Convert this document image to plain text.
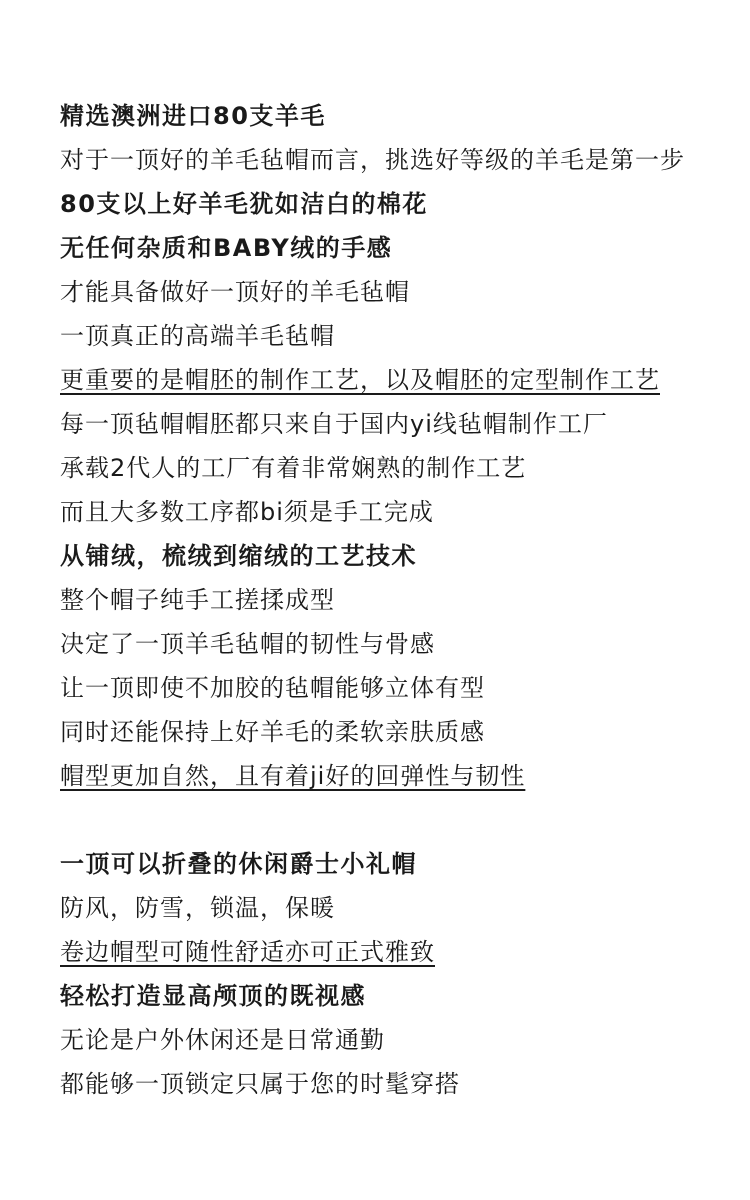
精选澳洲进口80支羊毛
对于一顶好的羊毛毡帽而言，挑选好等级的羊毛是第一步
80支以上好羊毛犹如洁白的棉花
无任何杂质和BABY绒的手感
才能具备做好一顶好的羊毛毡帽
一顶真正的高端羊毛毡帽
更重要的是帽胚的制作工艺，以及帽胚的定型制作工艺
每一顶毡帽帽胚都只来自于国内yi线毡帽制作工厂
承载2代人的工厂有着非常娴熟的制作工艺
而且大多数工序都bi须是手工完成
从铺绒，梳绒到缩绒的工艺技术
整个帽子纯手工搓揉成型
决定了一顶羊毛毡帽的韧性与骨感
让一顶即使不加胶的毡帽能够立体有型
同时还能保持上好羊毛的柔软亲肤质感
帽型更加自然，且有着ji好的回弹性与韧性
一顶可以折叠的休闲爵士小礼帽
防风，防雪，锁温，保暖
卷边帽型可随性舒适亦可正式雅致
轻松打造显高颅顶的既视感
无论是户外休闲还是日常通勤
都能够一顶锁定只属于您的时髦穿搭
